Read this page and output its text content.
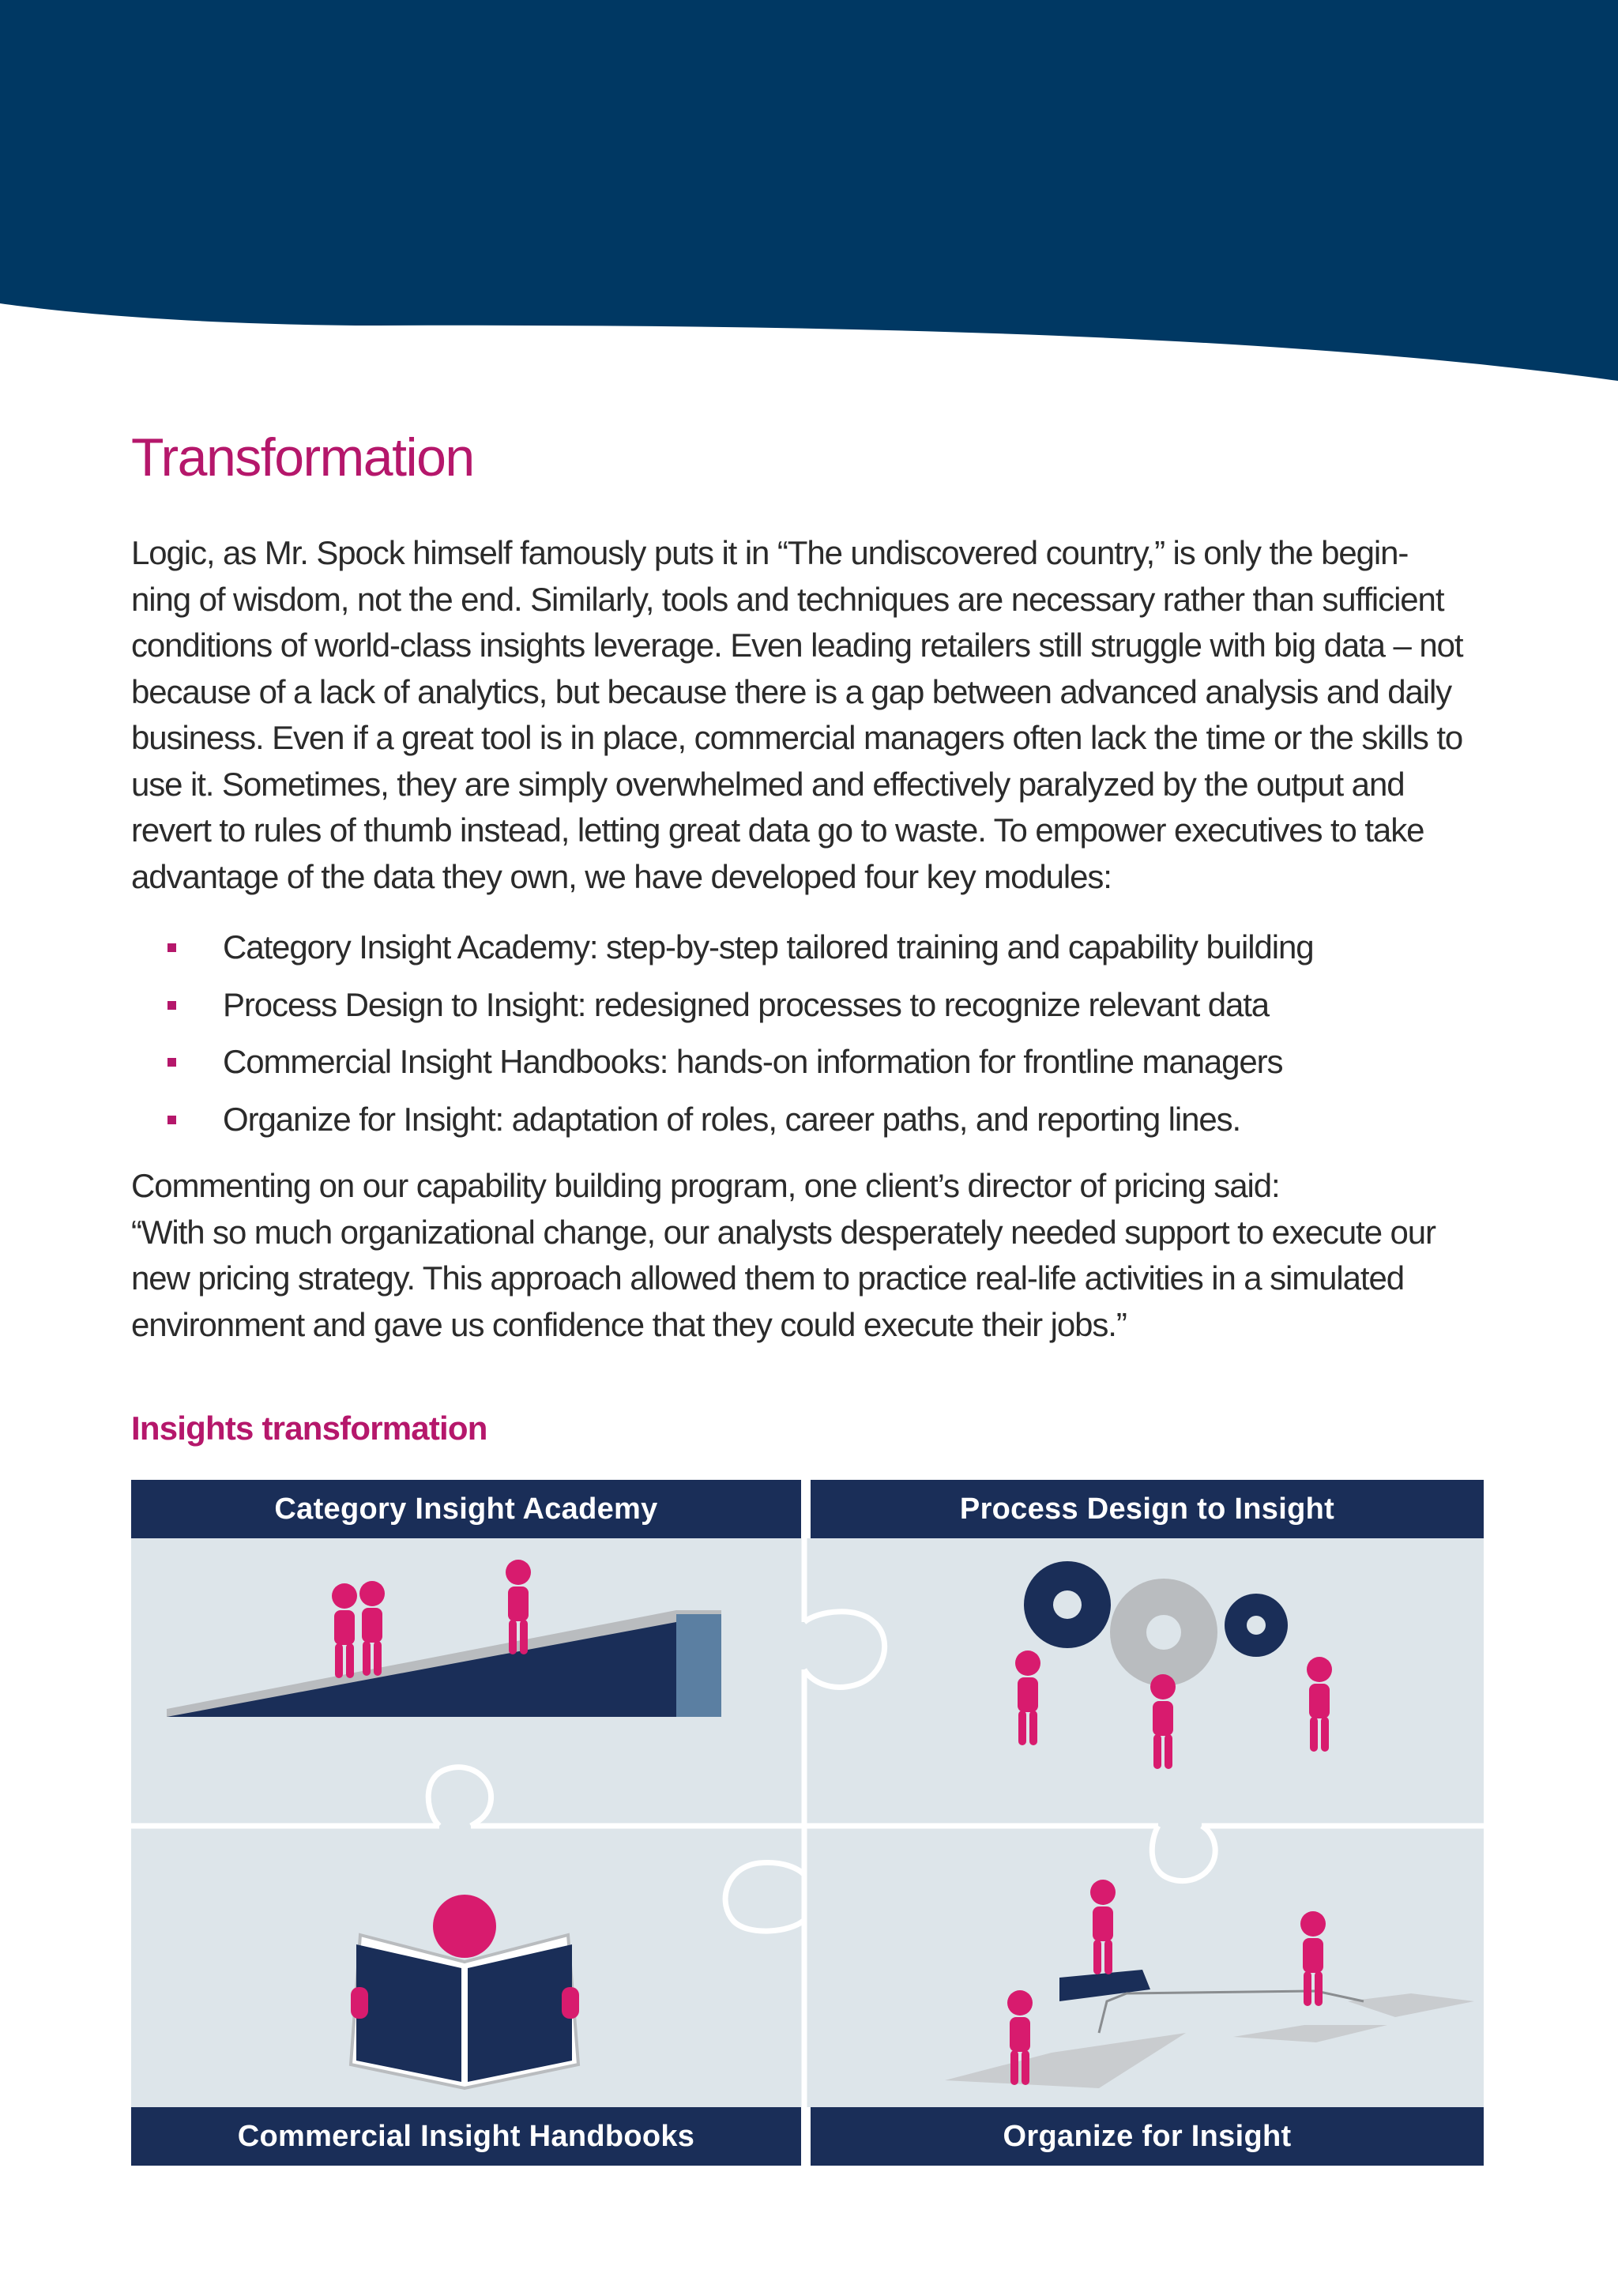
Transformation
Logic, as Mr. Spock himself famously puts it in “The undiscovered country,” is only the begin-
ning of wisdom, not the end. Similarly, tools and techniques are necessary rather than sufficient
conditions of world-class insights leverage. Even leading retailers still struggle with big data – not
because of a lack of analytics, but because there is a gap between advanced analysis and daily
business. Even if a great tool is in place, commercial managers often lack the time or the skills to
use it. Sometimes, they are simply overwhelmed and effectively paralyzed by the output and
revert to rules of thumb instead, letting great data go to waste. To empower executives to take
advantage of the data they own, we have developed four key modules:
Category Insight Academy: step-by-step tailored training and capability building
Process Design to Insight: redesigned processes to recognize relevant data
Commercial Insight Handbooks: hands-on information for frontline managers
Organize for Insight: adaptation of roles, career paths, and reporting lines.
Commenting on our capability building program, one client’s director of pricing said:
“With so much organizational change, our analysts desperately needed support to execute our
new pricing strategy. This approach allowed them to practice real-life activities in a simulated
environment and gave us confidence that they could execute their jobs.”
Insights transformation
Category Insight Academy	Process Design to Insight
Commercial Insight Handbooks	Organize for Insight
